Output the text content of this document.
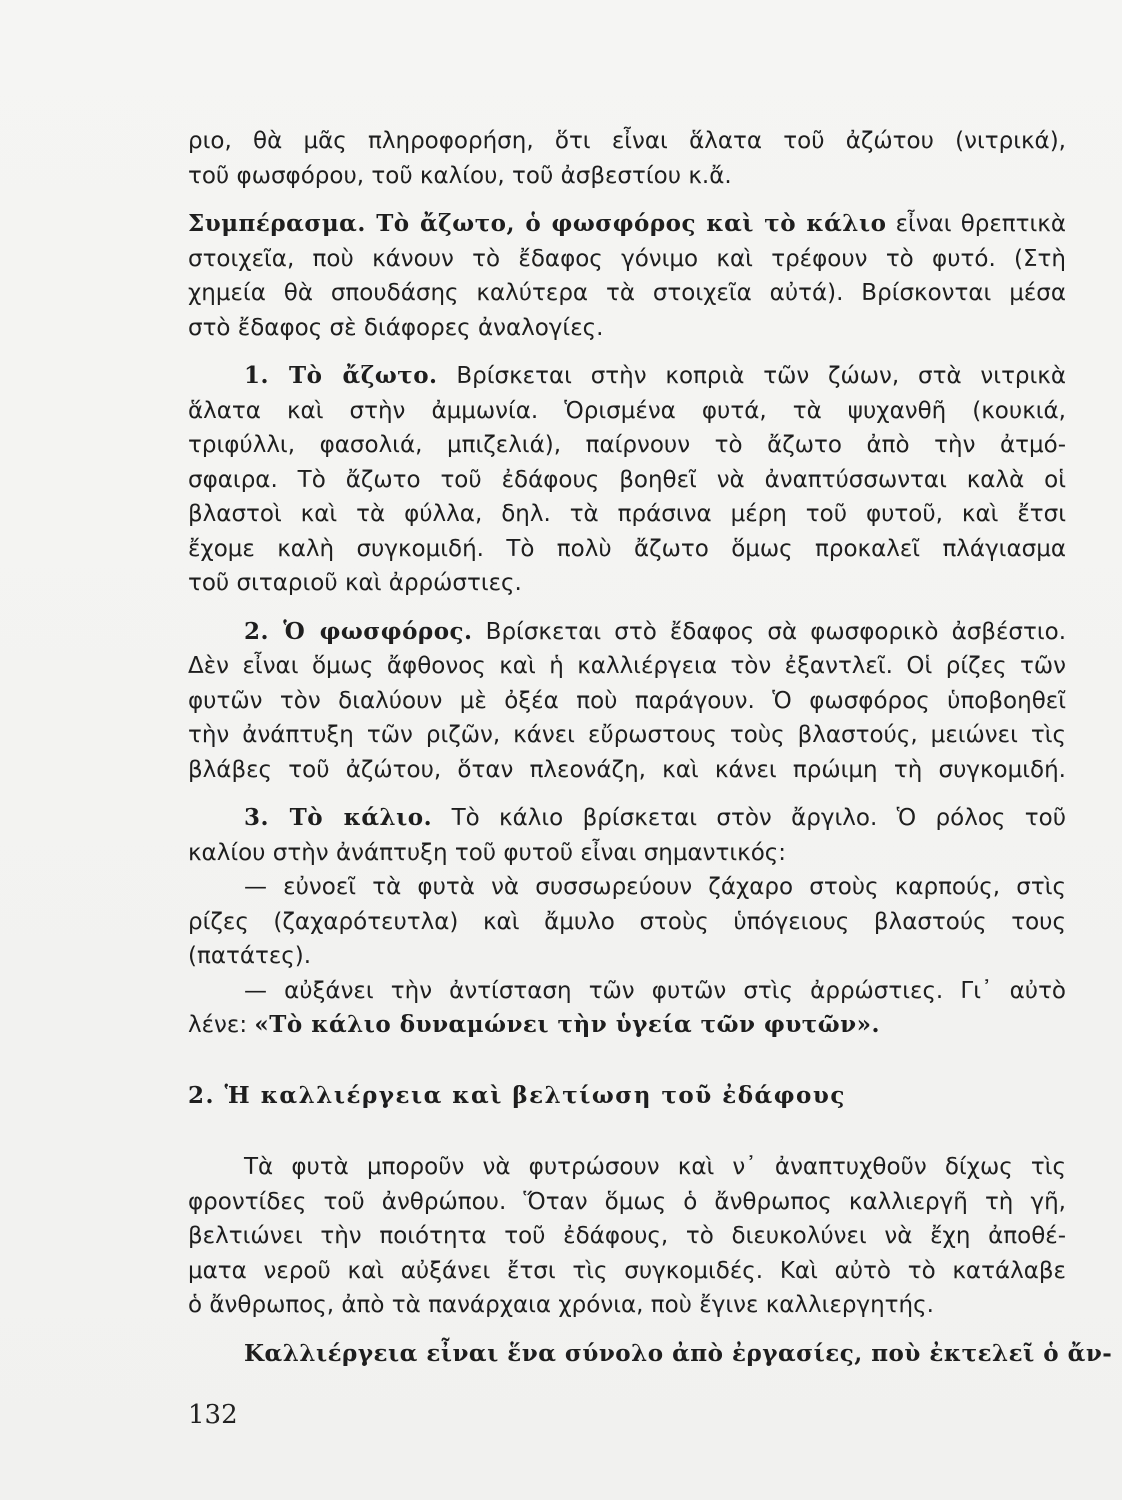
ριο, θὰ μᾶς πληροφορήση, ὅτι εἶναι ἅλατα τοῦ ἀζώτου (νιτρικά),
τοῦ φωσφόρου, τοῦ καλίου, τοῦ ἀσβεστίου κ.ἄ.
Συμπέρασμα. Τὸ ἄζωτο, ὁ φωσφόρος καὶ τὸ κάλιο εἶναι θρεπτικὰ
στοιχεῖα, ποὺ κάνουν τὸ ἔδαφος γόνιμο καὶ τρέφουν τὸ φυτό. (Στὴ
χημεία θὰ σπουδάσης καλύτερα τὰ στοιχεῖα αὐτά). Βρίσκονται μέσα
στὸ ἔδαφος σὲ διάφορες ἀναλογίες.
1. Τὸ ἄζωτο. Βρίσκεται στὴν κοπριὰ τῶν ζώων, στὰ νιτρικὰ
ἅλατα καὶ στὴν ἀμμωνία. Ὁρισμένα φυτά, τὰ ψυχανθῆ (κουκιά,
τριφύλλι, φασολιά, μπιζελιά), παίρνουν τὸ ἄζωτο ἀπὸ τὴν ἀτμό-
σφαιρα. Τὸ ἄζωτο τοῦ ἐδάφους βοηθεῖ νὰ ἀναπτύσσωνται καλὰ οἱ
βλαστοὶ καὶ τὰ φύλλα, δηλ. τὰ πράσινα μέρη τοῦ φυτοῦ, καὶ ἔτσι
ἔχομε καλὴ συγκομιδή. Τὸ πολὺ ἄζωτο ὅμως προκαλεῖ πλάγιασμα
τοῦ σιταριοῦ καὶ ἀρρώστιες.
2. Ὁ φωσφόρος. Βρίσκεται στὸ ἔδαφος σὰ φωσφορικὸ ἀσβέστιο.
Δὲν εἶναι ὅμως ἄφθονος καὶ ἡ καλλιέργεια τὸν ἐξαντλεῖ. Οἱ ρίζες τῶν
φυτῶν τὸν διαλύουν μὲ ὀξέα ποὺ παράγουν. Ὁ φωσφόρος ὑποβοηθεῖ
τὴν ἀνάπτυξη τῶν ριζῶν, κάνει εὔρωστους τοὺς βλαστούς, μειώνει τὶς
βλάβες τοῦ ἀζώτου, ὅταν πλεονάζη, καὶ κάνει πρώιμη τὴ συγκομιδή.
3. Τὸ κάλιο. Τὸ κάλιο βρίσκεται στὸν ἄργιλο. Ὁ ρόλος τοῦ
καλίου στὴν ἀνάπτυξη τοῦ φυτοῦ εἶναι σημαντικός:
— εὐνοεῖ τὰ φυτὰ νὰ συσσωρεύουν ζάχαρο στοὺς καρπούς, στὶς
ρίζες (ζαχαρότευτλα) καὶ ἄμυλο στοὺς ὑπόγειους βλαστούς τους
(πατάτες).
— αὐξάνει τὴν ἀντίσταση τῶν φυτῶν στὶς ἀρρώστιες. Γι᾽ αὐτὸ
λένε: «Τὸ κάλιο δυναμώνει τὴν ὑγεία τῶν φυτῶν».
2. Ἡ καλλιέργεια καὶ βελτίωση τοῦ ἐδάφους
Τὰ φυτὰ μποροῦν νὰ φυτρώσουν καὶ ν᾽ ἀναπτυχθοῦν δίχως τὶς
φροντίδες τοῦ ἀνθρώπου. Ὅταν ὅμως ὁ ἄνθρωπος καλλιεργῆ τὴ γῆ,
βελτιώνει τὴν ποιότητα τοῦ ἐδάφους, τὸ διευκολύνει νὰ ἔχη ἀποθέ-
ματα νεροῦ καὶ αὐξάνει ἔτσι τὶς συγκομιδές. Καὶ αὐτὸ τὸ κατάλαβε
ὁ ἄνθρωπος, ἀπὸ τὰ πανάρχαια χρόνια, ποὺ ἔγινε καλλιεργητής.
Καλλιέργεια εἶναι ἕνα σύνολο ἀπὸ ἐργασίες, ποὺ ἐκτελεῖ ὁ ἄν-
132
